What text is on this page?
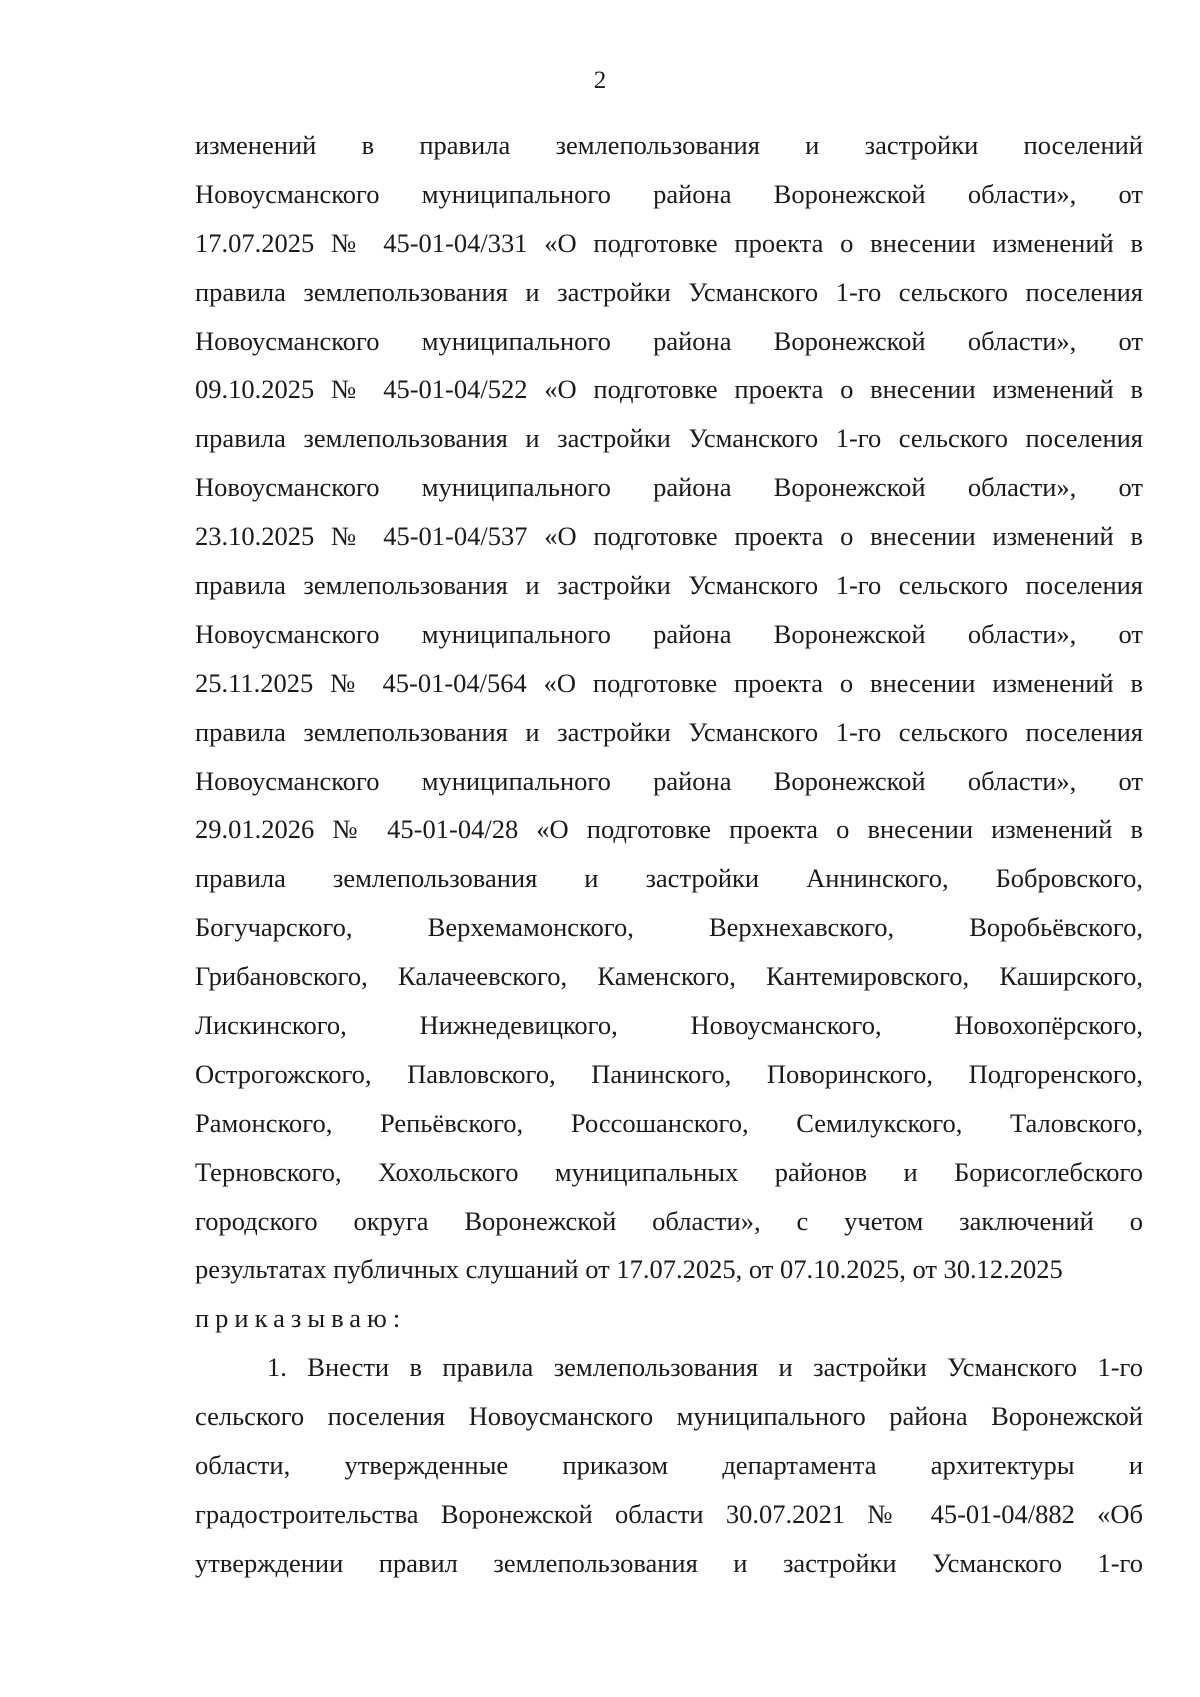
2
изменений в правила землепользования и застройки поселений
Новоусманского муниципального района Воронежской области», от
17.07.2025 № 45-01-04/331 «О подготовке проекта о внесении изменений в
правила землепользования и застройки Усманского 1-го сельского поселения
Новоусманского муниципального района Воронежской области», от
09.10.2025 № 45-01-04/522 «О подготовке проекта о внесении изменений в
правила землепользования и застройки Усманского 1-го сельского поселения
Новоусманского муниципального района Воронежской области», от
23.10.2025 № 45-01-04/537 «О подготовке проекта о внесении изменений в
правила землепользования и застройки Усманского 1-го сельского поселения
Новоусманского муниципального района Воронежской области», от
25.11.2025 № 45-01-04/564 «О подготовке проекта о внесении изменений в
правила землепользования и застройки Усманского 1-го сельского поселения
Новоусманского муниципального района Воронежской области», от
29.01.2026 № 45-01-04/28 «О подготовке проекта о внесении изменений в
правила землепользования и застройки Аннинского, Бобровского,
Богучарского, Верхемамонского, Верхнехавского, Воробьёвского,
Грибановского, Калачеевского, Каменского, Кантемировского, Каширского,
Лискинского, Нижнедевицкого, Новоусманского, Новохопёрского,
Острогожского, Павловского, Панинского, Поворинского, Подгоренского,
Рамонского, Репьёвского, Россошанского, Семилукского, Таловского,
Терновского, Хохольского муниципальных районов и Борисоглебского
городского округа Воронежской области», с учетом заключений о
результатах публичных слушаний от 17.07.2025, от 07.10.2025, от 30.12.2025
приказываю:
1. Внести в правила землепользования и застройки Усманского 1-го
сельского поселения Новоусманского муниципального района Воронежской
области, утвержденные приказом департамента архитектуры и
градостроительства Воронежской области 30.07.2021 № 45-01-04/882 «Об
утверждении правил землепользования и застройки Усманского 1-го
